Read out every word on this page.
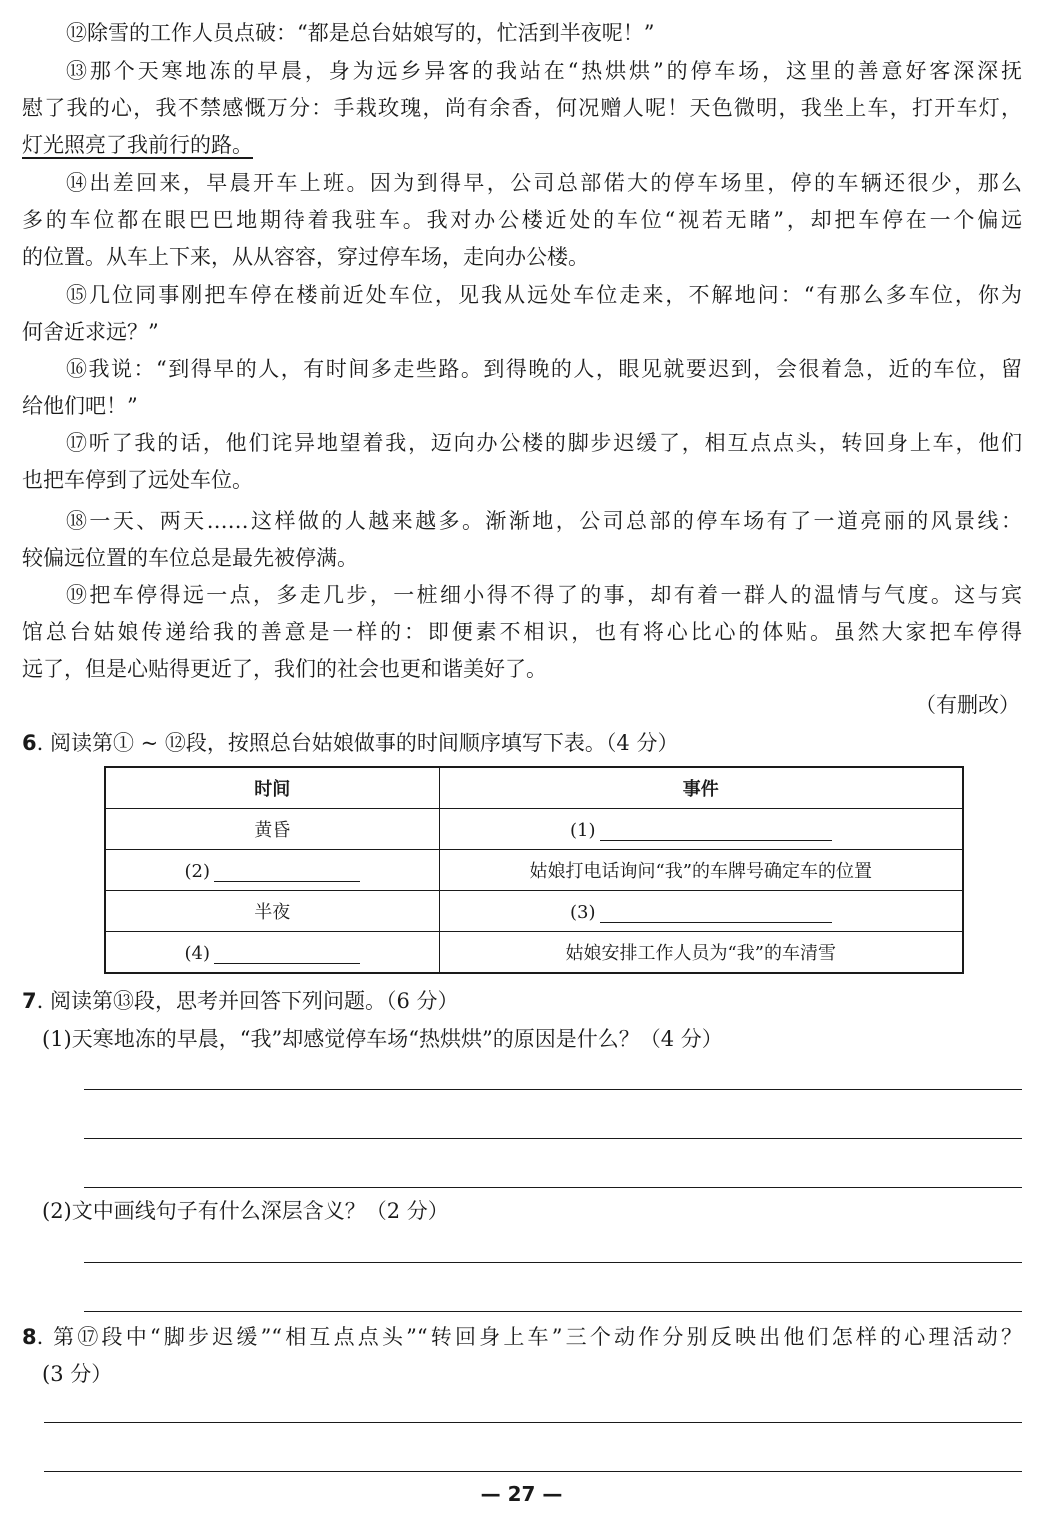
⑫除雪的工作人员点破：“都是总台姑娘写的，忙活到半夜呢！”
⑬那个天寒地冻的早晨，身为远乡异客的我站在“热烘烘”的停车场，这里的善意好客深深抚
慰了我的心，我不禁感慨万分：手栽玫瑰，尚有余香，何况赠人呢！天色微明，我坐上车，打开车灯，
灯光照亮了我前行的路。
⑭出差回来，早晨开车上班。因为到得早，公司总部偌大的停车场里，停的车辆还很少，那么
多的车位都在眼巴巴地期待着我驻车。我对办公楼近处的车位“视若无睹”，却把车停在一个偏远
的位置。从车上下来，从从容容，穿过停车场，走向办公楼。
⑮几位同事刚把车停在楼前近处车位，见我从远处车位走来，不解地问：“有那么多车位，你为
何舍近求远？”
⑯我说：“到得早的人，有时间多走些路。到得晚的人，眼见就要迟到，会很着急，近的车位，留
给他们吧！”
⑰听了我的话，他们诧异地望着我，迈向办公楼的脚步迟缓了，相互点点头，转回身上车，他们
也把车停到了远处车位。
⑱一天、两天……这样做的人越来越多。渐渐地，公司总部的停车场有了一道亮丽的风景线：
较偏远位置的车位总是最先被停满。
⑲把车停得远一点，多走几步，一桩细小得不得了的事，却有着一群人的温情与气度。这与宾
馆总台姑娘传递给我的善意是一样的：即便素不相识，也有将心比心的体贴。虽然大家把车停得
远了，但是心贴得更近了，我们的社会也更和谐美好了。
（有删改）
6. 阅读第① ~ ⑫段，按照总台姑娘做事的时间顺序填写下表。（4 分）
时间	事件
黄昏	(1)
(2)	姑娘打电话询问“我”的车牌号确定车的位置
半夜	(3)
(4)	姑娘安排工作人员为“我”的车清雪
7. 阅读第⑬段，思考并回答下列问题。（6 分）
(1)天寒地冻的早晨，“我”却感觉停车场“热烘烘”的原因是什么？（4 分）
(2)文中画线句子有什么深层含义？（2 分）
8. 第⑰段中“脚步迟缓”“相互点点头”“转回身上车”三个动作分别反映出他们怎样的心理活动？
(3 分）
— 27 —
